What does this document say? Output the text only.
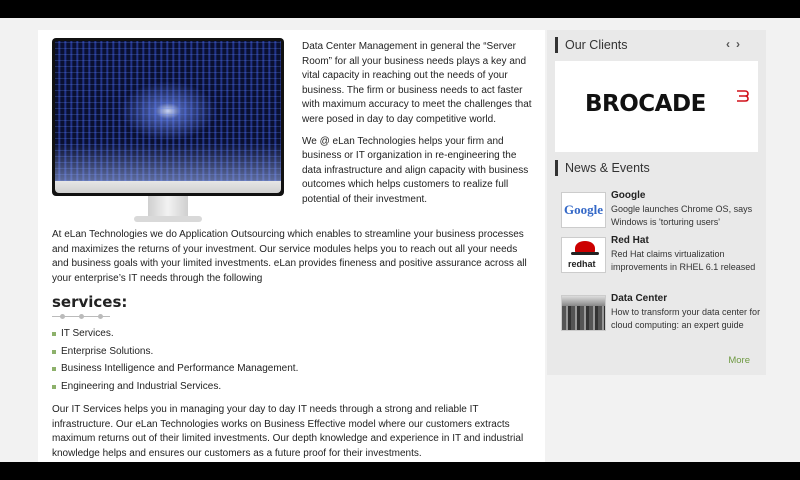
Data Center Management in general the “Server Room” for all your business needs plays a key and vital capacity in reaching out the needs of your business. The firm or business needs to act faster with maximum accuracy to meet the challenges that were posed in day to day competitive world.

We @ eLan Technologies helps your firm and business or IT organization in re-engineering the data infrastructure and align capacity with business outcomes which helps customers to realize full potential of their investment.

At eLan Technologies we do Application Outsourcing which enables to streamline your business processes and maximizes the returns of your investment. Our service modules helps you to reach out all your needs and business goals with your limited investments. eLan provides fineness and positive assurance across all your enterprise’s IT needs through the following

services:
IT Services.
Enterprise Solutions.
Business Intelligence and Performance Management.
Engineering and Industrial Services.

Our IT Services helps you in managing your day to day IT needs through a strong and reliable IT infrastructure. Our eLan Technologies works on Business Effective model where our customers extracts maximum returns out of their limited investments. Our depth knowledge and experience in IT and industrial knowledge helps and ensures our customers as a future proof for their investments.

Our Clients	‹›
BROCADE
News & Events
Google
Google
Google launches Chrome OS, says Windows is 'torturing users'
redhat
Red Hat
Red Hat claims virtualization improvements in RHEL 6.1 released
Data Center
How to transform your data center for cloud computing: an expert guide
More
